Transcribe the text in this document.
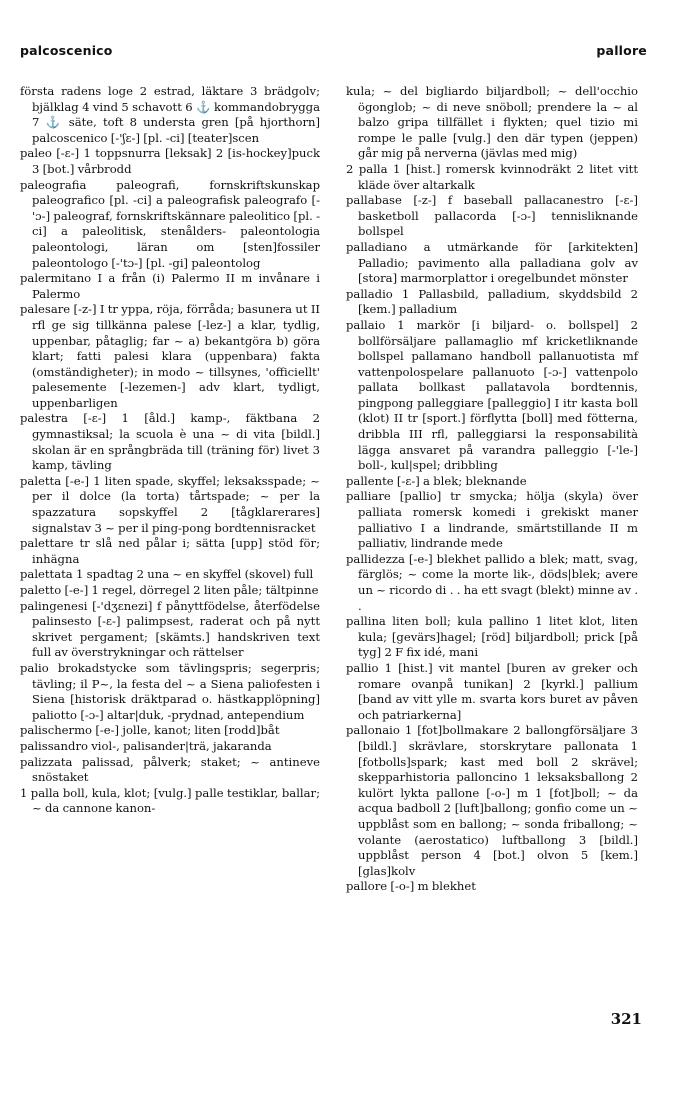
palcoscenico	pallore

första radens loge 2 estrad, läktare 3 brädgolv; bjälklag 4 vind 5 schavott 6 ⚓ kommandobrygga 7 ⚓ säte, toft 8 understa gren [på hjorthorn] palcoscenico [-'ʃɛ-] [pl. -ci] [teater]scen

paleo [-ɛ-] 1 toppsnurra [leksak] 2 [is-hockey]puck 3 [bot.] vårbrodd

paleografia paleografi, fornskriftskunskap paleografico [pl. -ci] a paleografisk paleografo [-'ɔ-] paleograf, fornskriftskännare paleolitico [pl. -ci] a paleolitisk, stenålders- paleontologia paleontologi, läran om [sten]fossiler paleontologo [-'tɔ-] [pl. -gi] paleontolog

palermitano I a från (i) Palermo II m invånare i Palermo

palesare [-z-] I tr yppa, röja, förråda; basunera ut II rfl ge sig tillkänna palese [-lez-] a klar, tydlig, uppenbar, påtaglig; far ~ a) bekantgöra b) göra klart; fatti palesi klara (uppenbara) fakta (omständigheter); in modo ~ tillsynes, 'officiellt' palesemente [-lezemen-] adv klart, tydligt, uppenbarligen

palestra [-ɛ-] 1 [åld.] kamp-, fäktbana 2 gymnastiksal; la scuola è una ~ di vita [bildl.] skolan är en språngbräda till (träning för) livet 3 kamp, tävling

paletta [-e-] 1 liten spade, skyffel; leksaksspade; ~ per il dolce (la torta) tårtspade; ~ per la spazzatura sopskyffel 2 [tågklarerares] signalstav 3 ~ per il ping-pong bordtennisracket

palettare tr slå ned pålar i; sätta [upp] stöd för; inhägna

palettata 1 spadtag 2 una ~ en skyffel (skovel) full

paletto [-e-] 1 regel, dörregel 2 liten påle; tältpinne

palingenesi [-'dʒɛnezi] f pånyttfödelse, återfödelse palinsesto [-ɛ-] palimpsest, raderat och på nytt skrivet pergament; [skämts.] handskriven text full av överstrykningar och rättelser

palio brokadstycke som tävlingspris; segerpris; tävling; il P~, la festa del ~ a Siena paliofesten i Siena [historisk dräktparad o. hästkapplöpning] paliotto [-ɔ-] altar|duk, -prydnad, antependium

palischermo [-e-] jolle, kanot; liten [rodd]båt

palissandro viol-, palisander|trä, jakaranda

palizzata palissad, pålverk; staket; ~ antineve snöstaket

1 palla boll, kula, klot; [vulg.] palle testiklar, ballar; ~ da cannone kanon-

kula; ~ del bigliardo biljardboll; ~ dell'occhio ögonglob; ~ di neve snöboll; prendere la ~ al balzo gripa tillfället i flykten; quel tizio mi rompe le palle [vulg.] den där typen (jeppen) går mig på nerverna (jävlas med mig)

2 palla 1 [hist.] romersk kvinnodräkt 2 litet vitt kläde över altarkalk

pallabase [-z-] f baseball pallacanestro [-ɛ-] basketboll pallacorda [-ɔ-] tennisliknande bollspel

palladiano a utmärkande för [arkitekten] Palladio; pavimento alla palladiana golv av [stora] marmorplattor i oregelbundet mönster

palladio 1 Pallasbild, palladium, skyddsbild 2 [kem.] palladium

pallaio 1 markör [i biljard- o. bollspel] 2 bollförsäljare pallamaglio mf kricketliknande bollspel pallamano handboll pallanuotista mf vattenpolospelare pallanuoto [-ɔ-] vattenpolo pallata bollkast pallatavola bordtennis, pingpong palleggiare [palleggio] I itr kasta boll (klot) II tr [sport.] förflytta [boll] med fötterna, dribbla III rfl, palleggiarsi la responsabilità lägga ansvaret på varandra palleggio [-'le-] boll-, kul|spel; dribbling

pallente [-ɛ-] a blek; bleknande

palliare [pallio] tr smycka; hölja (skyla) över palliata romersk komedi i grekiskt maner palliativo I a lindrande, smärtstillande II m palliativ, lindrande mede

pallidezza [-e-] blekhet pallido a blek; matt, svag, färglös; ~ come la morte lik-, döds|blek; avere un ~ ricordo di . . ha ett svagt (blekt) minne av . .

pallina liten boll; kula pallino 1 litet klot, liten kula; [gevärs]hagel; [röd] biljardboll; prick [på tyg] 2 F fix idé, mani

pallio 1 [hist.] vit mantel [buren av greker och romare ovanpå tunikan] 2 [kyrkl.] pallium [band av vitt ylle m. svarta kors buret av påven och patriarkerna]

pallonaio 1 [fot]bollmakare 2 ballongförsäljare 3 [bildl.] skrävlare, storskrytare pallonata 1 [fotbolls]spark; kast med boll 2 skrävel; skepparhistoria palloncino 1 leksaksballong 2 kulört lykta pallone [-o-] m 1 [fot]boll; ~ da acqua badboll 2 [luft]ballong; gonfio come un ~ uppblåst som en ballong; ~ sonda friballong; ~ volante (aerostatico) luftballong 3 [bildl.] uppblåst person 4 [bot.] olvon 5 [kem.] [glas]kolv

pallore [-o-] m blekhet

321
